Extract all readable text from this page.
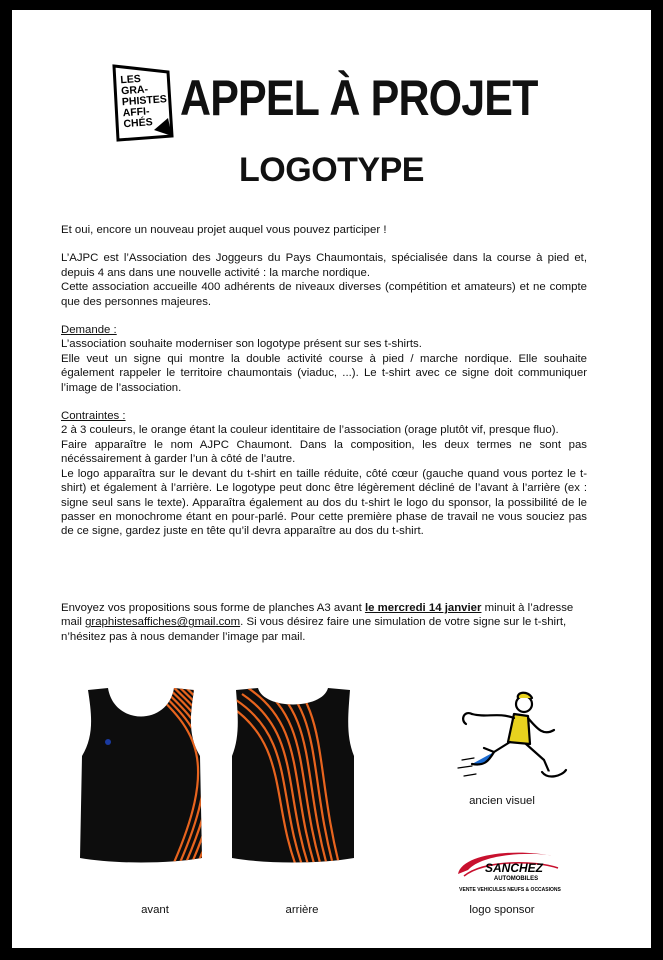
LES
GRA-
PHISTES
AFFI-
CHÉS APPEL À PROJET
LOGOTYPE

Et oui, encore un nouveau projet auquel vous pouvez participer !

L’AJPC est l’Association des Joggeurs du Pays Chaumontais, spécialisée dans la course à pied et, depuis 4 ans dans une nouvelle activité : la marche nordique.

Cette association accueille 400 adhérents de niveaux diverses (compétition et amateurs) et ne compte que des personnes majeures.

Demande :

L’association souhaite moderniser son logotype présent sur ses t-shirts.

Elle veut un signe qui montre la double activité course à pied / marche nordique. Elle souhaite également rappeler le territoire chaumontais (viaduc, ...). Le t-shirt avec ce signe doit communiquer l’image de l’association.

Contraintes :

2 à 3 couleurs, le orange étant la couleur identitaire de l’association (orage plutôt vif, presque fluo).

Faire apparaître le nom AJPC Chaumont. Dans la composition, les deux termes ne sont pas nécéssairement à garder l’un à côté de l’autre.

Le logo apparaîtra sur le devant du t-shirt en taille réduite, côté cœur (gauche quand vous portez le t-shirt) et également à l’arrière. Le logotype peut donc être légèrement décliné de l’avant à l’arrière (ex : signe seul sans le texte). Apparaîtra également au dos du t-shirt le logo du sponsor, la possibilité de le passer en monochrome étant en pour-parlé. Pour cette première phase de travail ne vous souciez pas de ce signe, gardez juste en tête qu’il devra apparaître au dos du t-shirt.

Envoyez vos propositions sous forme de planches A3 avant le mercredi 14 janvier minuit à l’adresse mail graphistesaffiches@gmail.com. Si vous désirez faire une simulation de votre signe sur le t-shirt, n’hésitez pas à nous demander l’image par mail.
SANCHEZ
AUTOMOBILES
VENTE VEHICULES NEUFS & OCCASIONS
ancien visuel
avant	arrière	logo sponsor
